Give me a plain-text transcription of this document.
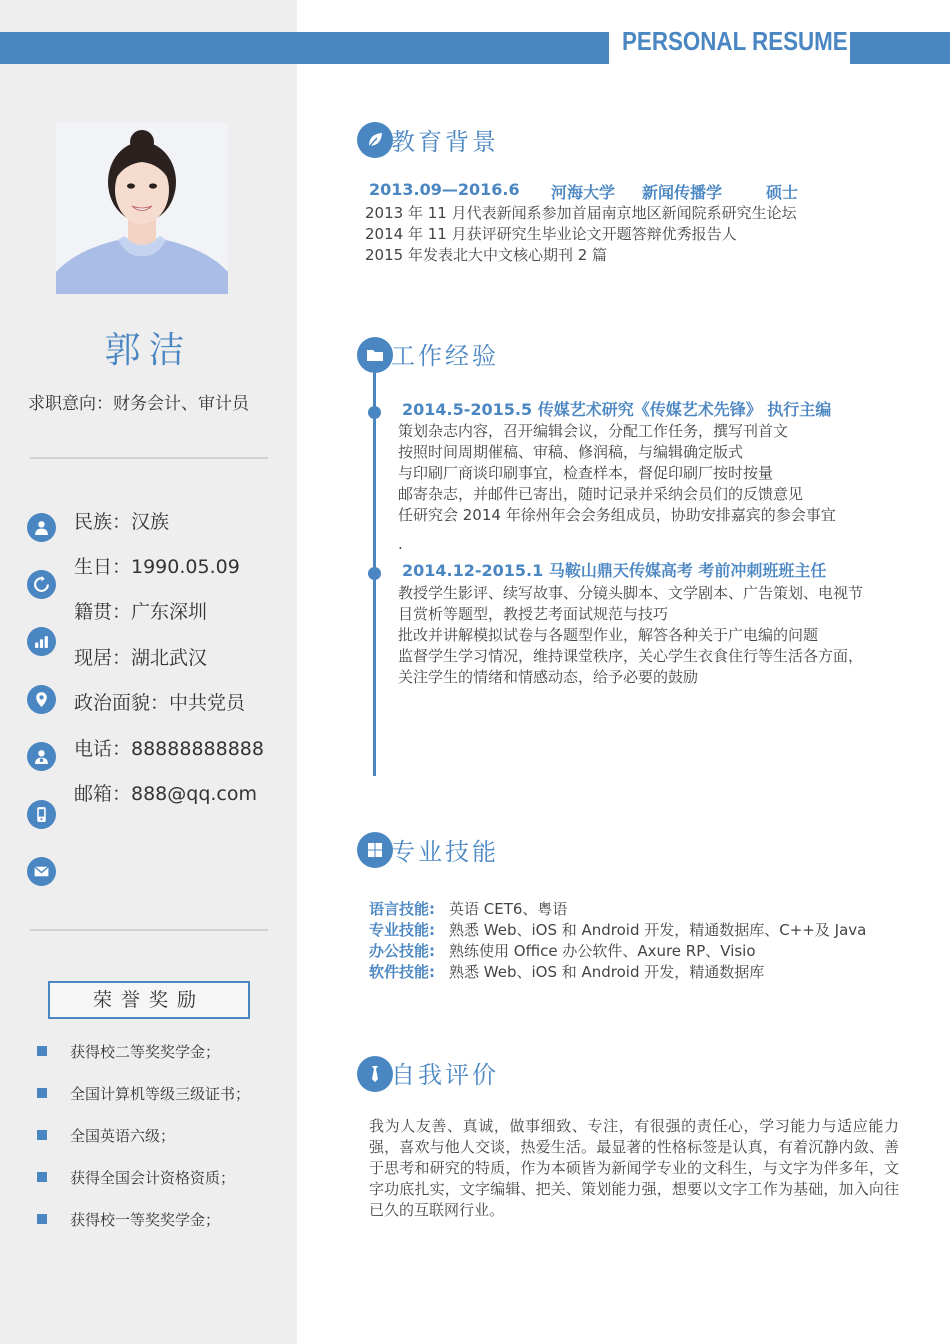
PERSONAL RESUME
郭洁
求职意向：财务会计、审计员
民族：汉族
生日：1990.05.09
籍贯：广东深圳
现居：湖北武汉
政治面貌：中共党员
电话：88888888888
邮箱：888@qq.com
荣誉奖励
获得校二等奖奖学金；
全国计算机等级三级证书；
全国英语六级；
获得全国会计资格资质；
获得校一等奖奖学金；
教育背景
2013.09—2016.6 河海大学 新闻传播学	硕士
2013 年 11 月代表新闻系参加首届南京地区新闻院系研究生论坛
2014 年 11 月获评研究生毕业论文开题答辩优秀报告人
2015 年发表北大中文核心期刊 2 篇
工作经验
2014.5-2015.5 传媒艺术研究《传媒艺术先锋》 执行主编
策划杂志内容，召开编辑会议，分配工作任务，撰写刊首文
按照时间周期催稿、审稿、修润稿，与编辑确定版式
与印刷厂商谈印刷事宜，检查样本，督促印刷厂按时按量
邮寄杂志，并邮件已寄出，随时记录并采纳会员们的反馈意见
任研究会 2014 年徐州年会会务组成员，协助安排嘉宾的参会事宜
.
2014.12-2015.1 马鞍山鼎天传媒高考 考前冲刺班班主任
教授学生影评、续写故事、分镜头脚本、文学剧本、广告策划、电视节
目赏析等题型，教授艺考面试规范与技巧
批改并讲解模拟试卷与各题型作业，解答各种关于广电编的问题
监督学生学习情况，维持课堂秩序，关心学生衣食住行等生活各方面，
关注学生的情绪和情感动态，给予必要的鼓励
专业技能
语言技能: 英语 CET6、粤语
专业技能: 熟悉 Web、iOS 和 Android 开发，精通数据库、C++及 Java
办公技能: 熟练使用 Office 办公软件、Axure RP、Visio
软件技能: 熟悉 Web、iOS 和 Android 开发，精通数据库
自我评价
我为人友善、真诚，做事细致、专注，有很强的责任心，学习能力与适应能力强，喜欢与他人交谈，热爱生活。最显著的性格标签是认真，有着沉静内敛、善于思考和研究的特质，作为本硕皆为新闻学专业的文科生，与文字为伴多年，文字功底扎实，文字编辑、把关、策划能力强，想要以文字工作为基础，加入向往已久的互联网行业。
